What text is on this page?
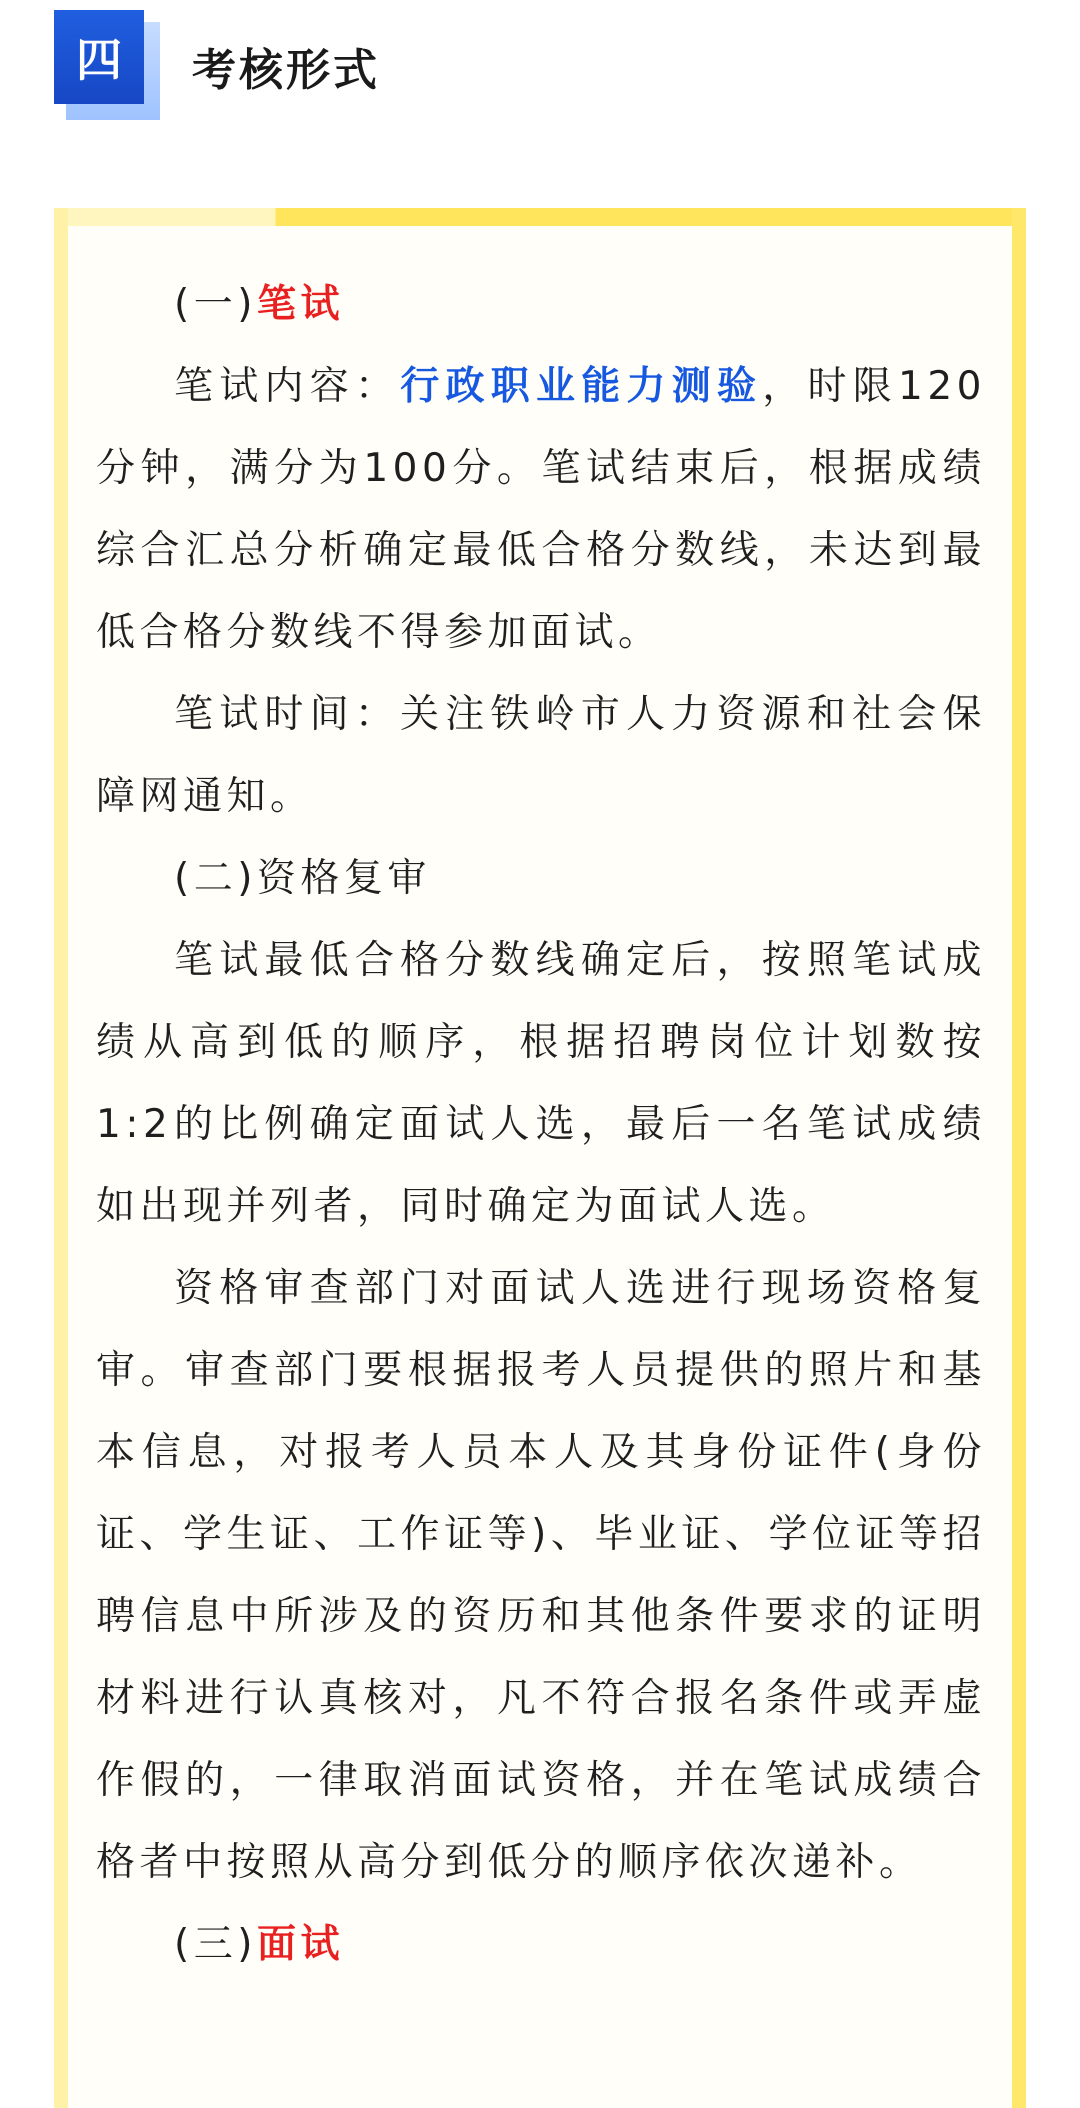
四	考核形式

(一)笔试

笔试内容：行政职业能力测验，时限120分钟，满分为100分。笔试结束后，根据成绩综合汇总分析确定最低合格分数线，未达到最低合格分数线不得参加面试。

笔试时间：关注铁岭市人力资源和社会保障网通知。

(二)资格复审

笔试最低合格分数线确定后，按照笔试成绩从高到低的顺序，根据招聘岗位计划数按1:2的比例确定面试人选，最后一名笔试成绩如出现并列者，同时确定为面试人选。

资格审查部门对面试人选进行现场资格复审。审查部门要根据报考人员提供的照片和基本信息，对报考人员本人及其身份证件(身份证、学生证、工作证等)、毕业证、学位证等招聘信息中所涉及的资历和其他条件要求的证明材料进行认真核对，凡不符合报名条件或弄虚作假的，一律取消面试资格，并在笔试成绩合格者中按照从高分到低分的顺序依次递补。

(三)面试
